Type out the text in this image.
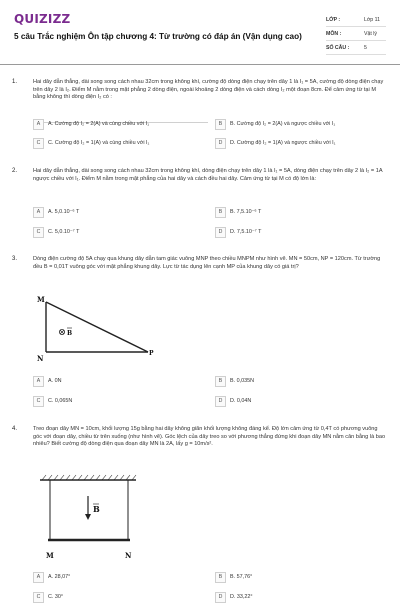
QUIZIZZ
5 câu Trắc nghiệm Ôn tập chương 4: Từ trường có đáp án (Vận dụng cao)
LỚP :	Lớp 11
MÔN :	Vật lý
SỐ CÂU :	5
1.	Hai dây dẫn thẳng, dài song song cách nhau 32cm trong không khí, cường độ dòng điện chạy trên dây 1 là I₁ = 5A, cường độ dòng điện chạy trên dây 2 là I₂. Điểm M nằm trong mặt phẳng 2 dòng điện, ngoài khoảng 2 dòng điện và cách dòng I₂ một đoạn 8cm. Để cảm ứng từ tại M bằng không thì dòng điện I₂ có :
A	A. Cường độ I₂ = 2(A) và cùng chiều với I₁	B	B. Cường độ I₂ = 2(A) và ngược chiều với I₁
C	C. Cường độ I₂ = 1(A) và cùng chiều với I₁	D	D. Cường độ I₂ = 1(A) và ngược chiều với I₁
2.	Hai dây dẫn thẳng, dài song song cách nhau 32cm trong không khí, dòng điện chạy trên dây 1 là I₁ = 5A, dòng điện chạy trên dây 2 là I₂ = 1A ngược chiều với I₁. Điểm M nằm trong mặt phẳng của hai dây và cách đều hai dây. Cảm ứng từ tại M có độ lớn là:
A	A. 5,0.10⁻⁶ T	B	B. 7,5.10⁻⁶ T
C	C. 5,0.10⁻⁷ T	D	D. 7,5.10⁻⁷ T
3.	Dòng điện cường độ 5A chạy qua khung dây dẫn tam giác vuông MNP theo chiều MNPM như hình vẽ. MN = 50cm, NP = 120cm. Từ trường đều B = 0,01T vuông góc với mặt phẳng khung dây. Lực từ tác dụng lên cạnh MP của khung dây có giá trị?
M
N
P
B
A	A. 0N	B	B. 0,035N
C	C. 0,065N	D	D. 0,04N
4.	Treo đoạn dây MN = 10cm, khối lượng 15g bằng hai dây không giãn khối lượng không đáng kể. Độ lớn cảm ứng từ 0,4T có phương vuông góc với đoạn dây, chiều từ trên xuống (như hình vẽ). Góc lệch của dây treo so với phương thẳng đứng khi đoạn dây MN nằm cân bằng là bao nhiêu? Biết cường độ dòng điện qua đoạn dây MN là 2A, lấy g = 10m/s².
B
M	N
A	A. 28,07°	B	B. 57,76°
C	C. 30°	D	D. 33,22°
